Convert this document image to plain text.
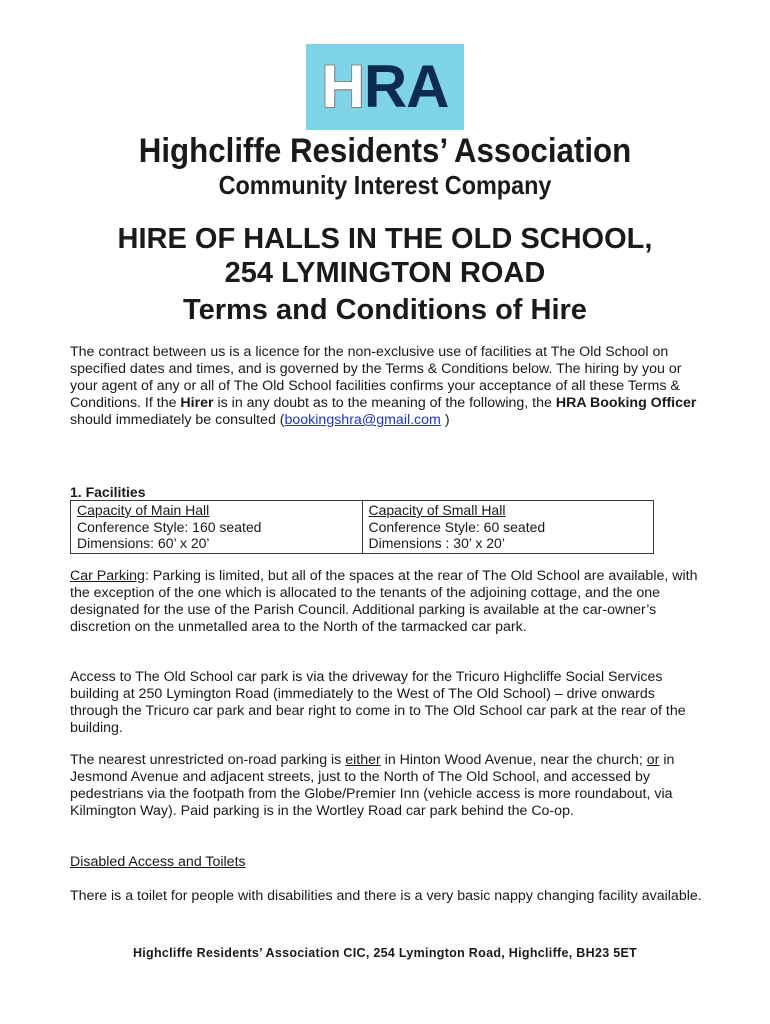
HRA
Highcliffe Residents’ Association
Community Interest Company
HIRE OF HALLS IN THE OLD SCHOOL,
254 LYMINGTON ROAD
Terms and Conditions of Hire
The contract between us is a licence for the non-exclusive use of facilities at The Old School on specified dates and times, and is governed by the Terms & Conditions below. The hiring by you or your agent of any or all of The Old School facilities confirms your acceptance of all these Terms & Conditions. If the Hirer is in any doubt as to the meaning of the following, the HRA Booking Officer should immediately be consulted (bookingshra@gmail.com )
1. Facilities
Capacity of Main Hall
Conference Style: 160 seated
Dimensions: 60’ x 20’

Capacity of Small Hall
Conference Style: 60 seated
Dimensions : 30’ x 20’
Car Parking: Parking is limited, but all of the spaces at the rear of The Old School are available, with the exception of the one which is allocated to the tenants of the adjoining cottage, and the one designated for the use of the Parish Council. Additional parking is available at the car-owner’s discretion on the unmetalled area to the North of the tarmacked car park.
Access to The Old School car park is via the driveway for the Tricuro Highcliffe Social Services building at 250 Lymington Road (immediately to the West of The Old School) – drive onwards through the Tricuro car park and bear right to come in to The Old School car park at the rear of the building.
The nearest unrestricted on-road parking is either in Hinton Wood Avenue, near the church; or in Jesmond Avenue and adjacent streets, just to the North of The Old School, and accessed by pedestrians via the footpath from the Globe/Premier Inn (vehicle access is more roundabout, via Kilmington Way). Paid parking is in the Wortley Road car park behind the Co-op.
Disabled Access and Toilets
There is a toilet for people with disabilities and there is a very basic nappy changing facility available.
Highcliffe Residents’ Association CIC, 254 Lymington Road, Highcliffe, BH23 5ET
